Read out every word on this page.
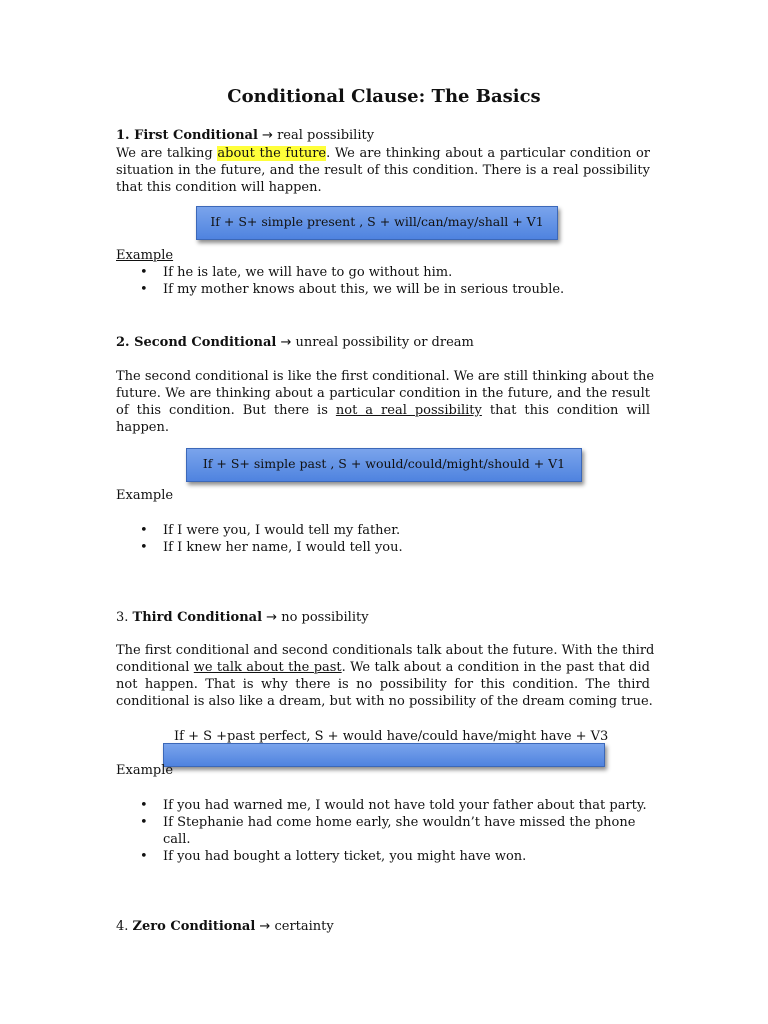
Conditional Clause: The Basics
1. First Conditional → real possibility
We are talking about the future. We are thinking about a particular condition or
situation in the future, and the result of this condition. There is a real possibility
that this condition will happen.
If + S+ simple present , S + will/can/may/shall + V1
Example
• If he is late, we will have to go without him.
• If my mother knows about this, we will be in serious trouble.
2. Second Conditional → unreal possibility or dream
The second conditional is like the first conditional. We are still thinking about the
future. We are thinking about a particular condition in the future, and the result
of this condition. But there is not a real possibility that this condition will
happen.
If + S+ simple past , S + would/could/might/should + V1
Example
• If I were you, I would tell my father.
• If I knew her name, I would tell you.
3. Third Conditional → no possibility
The first conditional and second conditionals talk about the future. With the third
conditional we talk about the past. We talk about a condition in the past that did
not happen. That is why there is no possibility for this condition. The third
conditional is also like a dream, but with no possibility of the dream coming true.
If + S +past perfect, S + would have/could have/might have + V3
Example
• If you had warned me, I would not have told your father about that party.
• If Stephanie had come home early, she wouldn’t have missed the phone
call.
• If you had bought a lottery ticket, you might have won.
4. Zero Conditional → certainty
